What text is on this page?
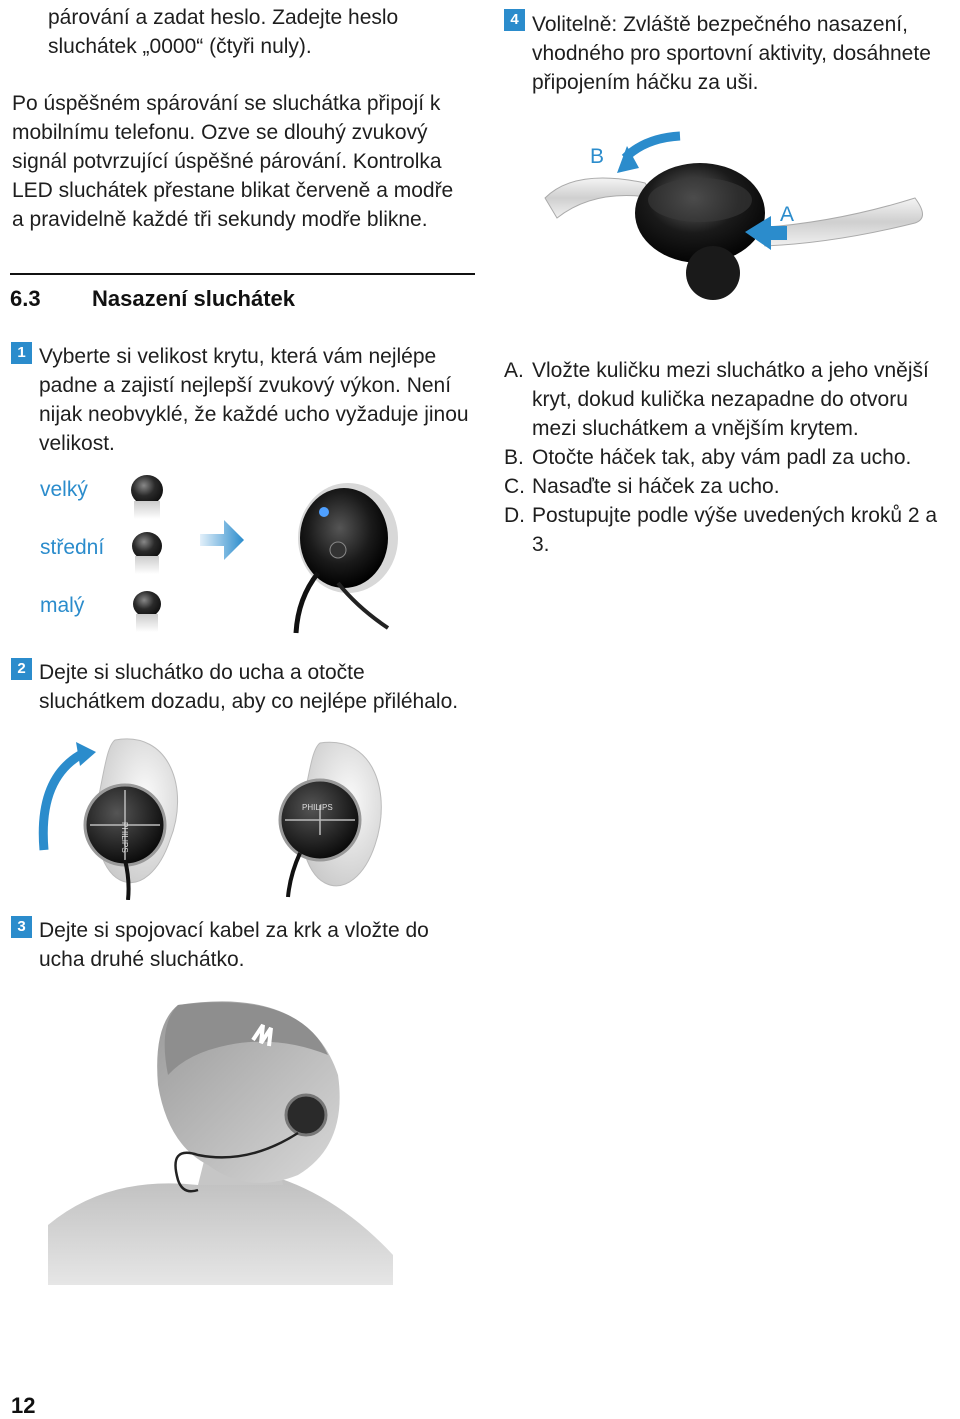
párování a zadat heslo. Zadejte heslo
sluchátek „0000“ (čtyři nuly).
Po úspěšném spárování se sluchátka připojí k
mobilnímu telefonu. Ozve se dlouhý zvukový
signál potvrzující úspěšné párování. Kontrolka
LED sluchátek přestane blikat červeně a modře
a pravidelně každé tři sekundy modře blikne.
6.3 Nasazení sluchátek
1 Vyberte si velikost krytu, která vám nejlépe
padne a zajistí nejlepší zvukový výkon. Není
nijak neobvyklé, že každé ucho vyžaduje jinou
velikost.
velký
střední
malý
2 Dejte si sluchátko do ucha a otočte
sluchátkem dozadu, aby co nejlépe přiléhalo.
PHILIPS
PHILIPS
3 Dejte si spojovací kabel za krk a vložte do
ucha druhé sluchátko.
4 Volitelně: Zvláště bezpečného nasazení,
vhodného pro sportovní aktivity, dosáhnete
připojením háčku za uši.
B
A
A. Vložte kuličku mezi sluchátko a jeho vnější
kryt, dokud kulička nezapadne do otvoru
mezi sluchátkem a vnějším krytem.
B. Otočte háček tak, aby vám padl za ucho.
C. Nasaďte si háček za ucho.
D. Postupujte podle výše uvedených kroků 2 a 3.
12
